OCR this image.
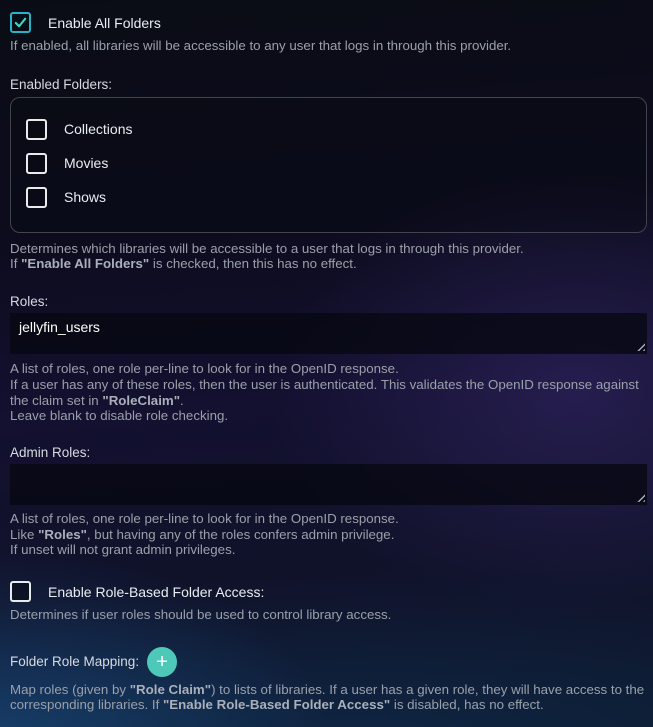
Enable All Folders
If enabled, all libraries will be accessible to any user that logs in through this provider.
Enabled Folders:
Collections
Movies
Shows
Determines which libraries will be accessible to a user that logs in through this provider.
If "Enable All Folders" is checked, then this has no effect.
Roles:
jellyfin_users
A list of roles, one role per-line to look for in the OpenID response.
If a user has any of these roles, then the user is authenticated. This validates the OpenID response against the claim set in "RoleClaim".
Leave blank to disable role checking.
Admin Roles:
A list of roles, one role per-line to look for in the OpenID response.
Like "Roles", but having any of the roles confers admin privilege.
If unset will not grant admin privileges.
Enable Role-Based Folder Access:
Determines if user roles should be used to control library access.
Folder Role Mapping: +
Map roles (given by "Role Claim") to lists of libraries. If a user has a given role, they will have access to the corresponding libraries. If "Enable Role-Based Folder Access" is disabled, has no effect.
